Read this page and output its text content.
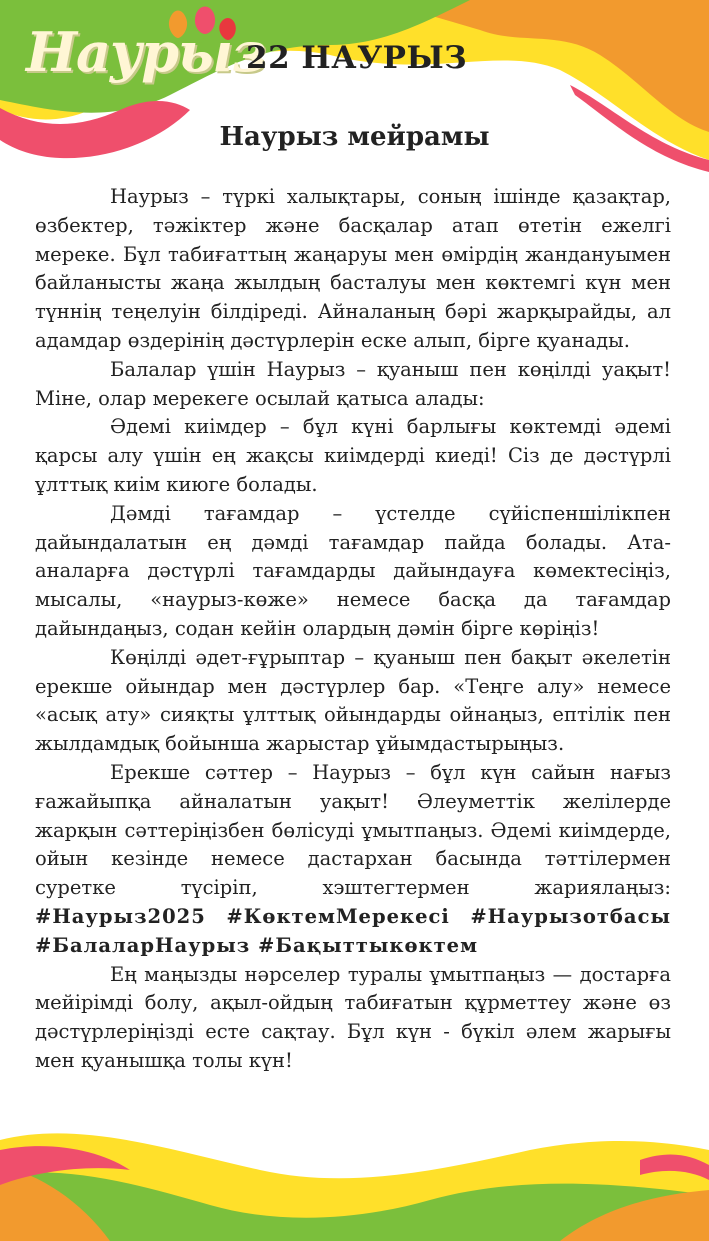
Наурыз
22 НАУРЫЗ
Наурыз мейрамы

Наурыз – түркі халықтары, соның ішінде қазақтар, өзбектер, тәжіктер және басқалар атап өтетін ежелгі мереке. Бұл табиғаттың жаңаруы мен өмірдің жандануымен байланысты жаңа жылдың басталуы мен көктемгі күн мен түннің теңелуін білдіреді. Айналаның бәрі жарқырайды, ал адамдар өздерінің дәстүрлерін еске алып, бірге қуанады.

Балалар үшін Наурыз – қуаныш пен көңілді уақыт! Міне, олар мерекеге осылай қатыса алады:

Әдемі киімдер – бұл күні барлығы көктемді әдемі қарсы алу үшін ең жақсы киімдерді киеді! Сіз де дәстүрлі ұлттық киім киюге болады.

Дәмді тағамдар – үстелде сүйіспеншілікпен дайындалатын ең дәмді тағамдар пайда болады. Ата-аналарға дәстүрлі тағамдарды дайындауға көмектесіңіз, мысалы, «наурыз-көже» немесе басқа да тағамдар дайындаңыз, содан кейін олардың дәмін бірге көріңіз!

Көңілді әдет-ғұрыптар – қуаныш пен бақыт әкелетін ерекше ойындар мен дәстүрлер бар. «Теңге алу» немесе «асық ату» сияқты ұлттық ойындарды ойнаңыз, ептілік пен жылдамдық бойынша жарыстар ұйымдастырыңыз.

Ерекше сәттер – Наурыз – бұл күн сайын нағыз ғажайыпқа айналатын уақыт! Әлеуметтік желілерде жарқын сәттеріңізбен бөлісуді ұмытпаңыз. Әдемі киімдерде, ойын кезінде немесе дастархан басында тәттілермен суретке түсіріп, хэштегтермен жариялаңыз: #Наурыз2025 #КөктемМерекесі #Наурызотбасы #БалаларНаурыз #Бақыттыкөктем

Ең маңызды нәрселер туралы ұмытпаңыз — достарға мейірімді болу, ақыл-ойдың табиғатын құрметтеу және өз дәстүрлеріңізді есте сақтау. Бұл күн - бүкіл әлем жарығы мен қуанышқа толы күн!
